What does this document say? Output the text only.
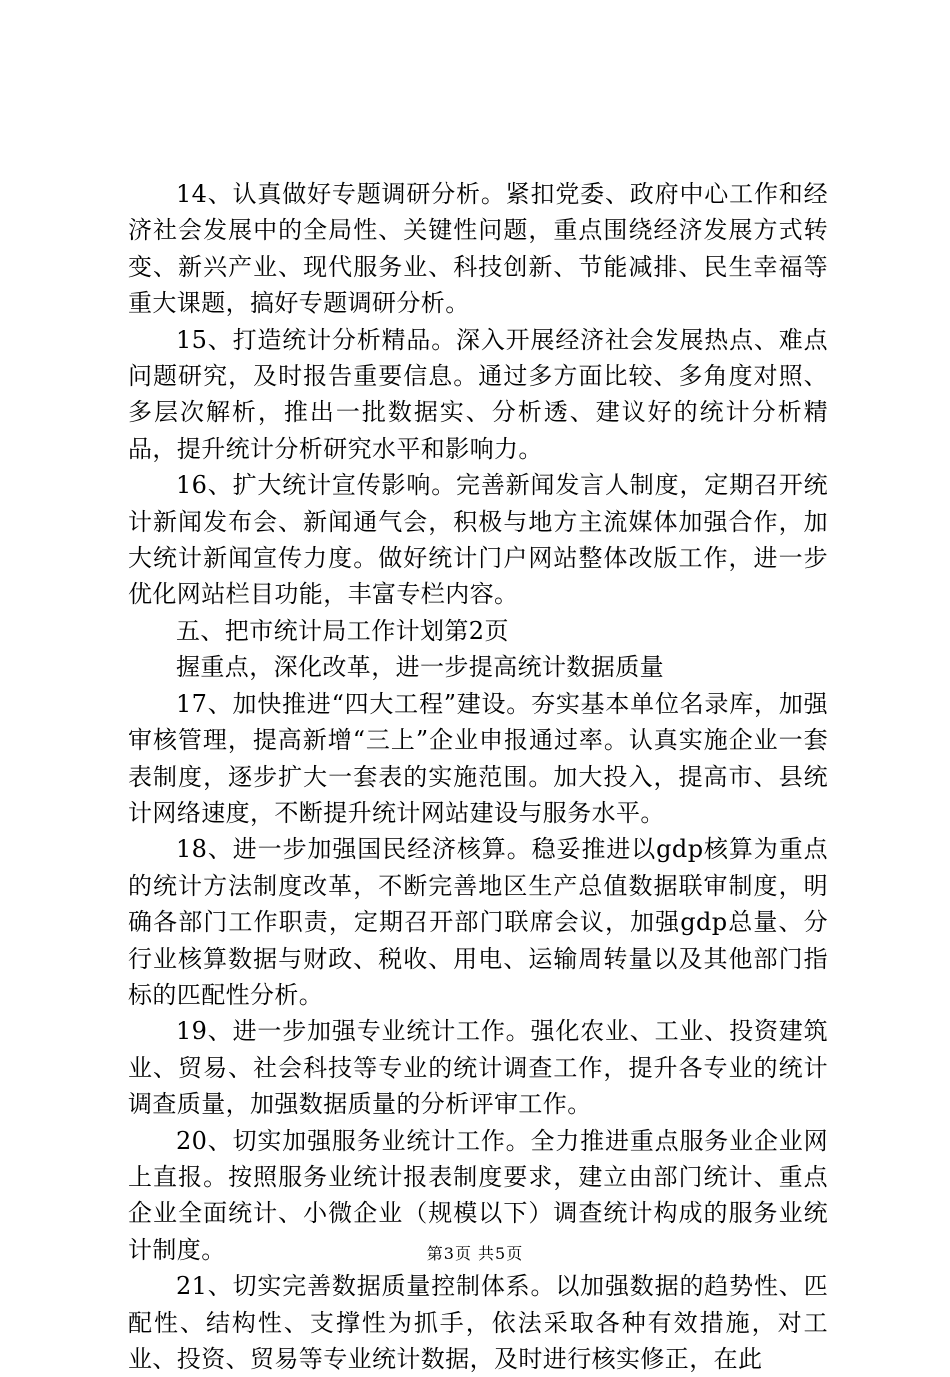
14、认真做好专题调研分析。紧扣党委、政府中心工作和经济社会发展中的全局性、关键性问题，重点围绕经济发展方式转变、新兴产业、现代服务业、科技创新、节能减排、民生幸福等重大课题，搞好专题调研分析。

15、打造统计分析精品。深入开展经济社会发展热点、难点问题研究，及时报告重要信息。通过多方面比较、多角度对照、多层次解析，推出一批数据实、分析透、建议好的统计分析精品，提升统计分析研究水平和影响力。

16、扩大统计宣传影响。完善新闻发言人制度，定期召开统计新闻发布会、新闻通气会，积极与地方主流媒体加强合作，加大统计新闻宣传力度。做好统计门户网站整体改版工作，进一步优化网站栏目功能，丰富专栏内容。

五、把市统计局工作计划第2页

握重点，深化改革，进一步提高统计数据质量

17、加快推进“四大工程”建设。夯实基本单位名录库，加强审核管理，提高新增“三上”企业申报通过率。认真实施企业一套表制度，逐步扩大一套表的实施范围。加大投入，提高市、县统计网络速度，不断提升统计网站建设与服务水平。

18、进一步加强国民经济核算。稳妥推进以gdp核算为重点的统计方法制度改革，不断完善地区生产总值数据联审制度，明确各部门工作职责，定期召开部门联席会议，加强gdp总量、分行业核算数据与财政、税收、用电、运输周转量以及其他部门指标的匹配性分析。

19、进一步加强专业统计工作。强化农业、工业、投资建筑业、贸易、社会科技等专业的统计调查工作，提升各专业的统计调查质量，加强数据质量的分析评审工作。

20、切实加强服务业统计工作。全力推进重点服务业企业网上直报。按照服务业统计报表制度要求，建立由部门统计、重点企业全面统计、小微企业（规模以下）调查统计构成的服务业统计制度。

21、切实完善数据质量控制体系。以加强数据的趋势性、匹配性、结构性、支撑性为抓手，依法采取各种有效措施，对工业、投资、贸易等专业统计数据，及时进行核实修正，在此

第3页 共5页
